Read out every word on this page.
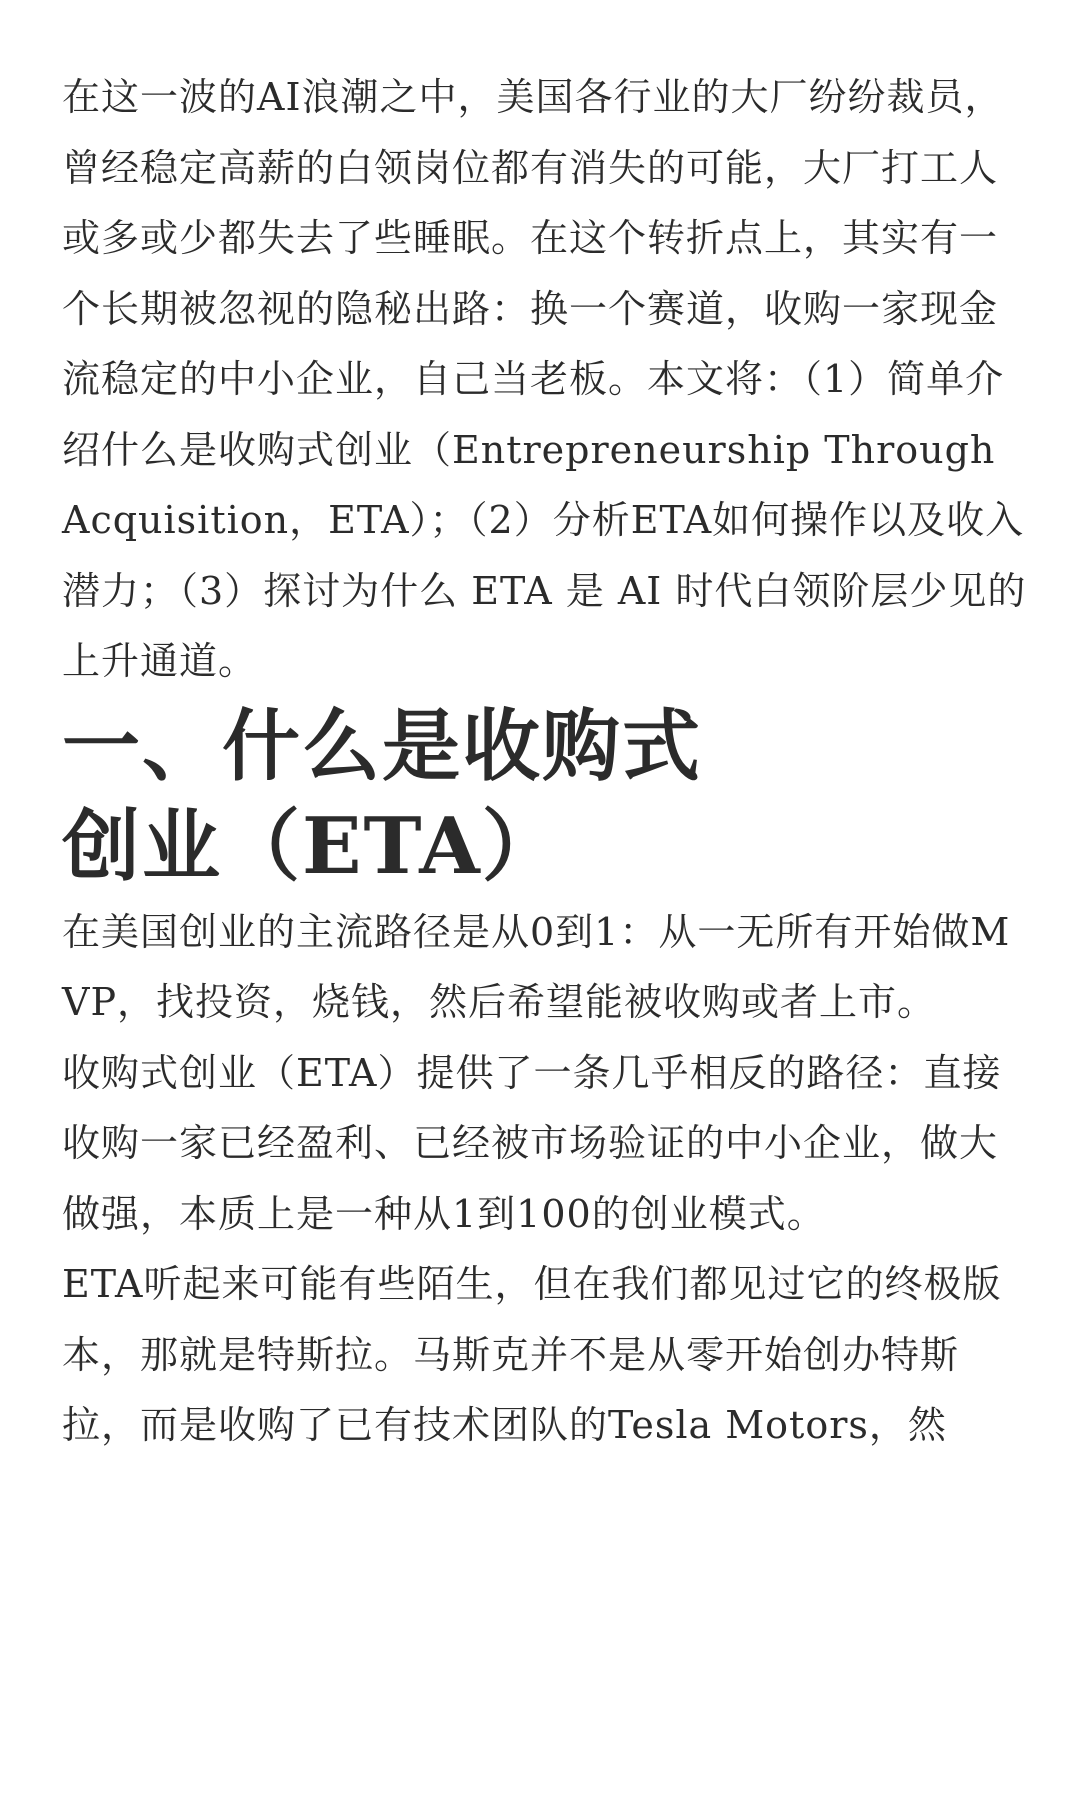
在这一波的AI浪潮之中，美国各行业的大厂纷纷裁员，曾经稳定高薪的白领岗位都有消失的可能，大厂打工人或多或少都失去了些睡眠。在这个转折点上，其实有一个长期被忽视的隐秘出路：换一个赛道，收购一家现金流稳定的中小企业，自己当老板。本文将：（1）简单介绍什么是收购式创业（Entrepreneurship Through Acquisition，ETA）；（2）分析ETA如何操作以及收入潜力；（3）探讨为什么 ETA 是 AI 时代白领阶层少见的上升通道。

一、什么是收购式
创业（ETA）

在美国创业的主流路径是从0到1：从一无所有开始做MVP，找投资，烧钱，然后希望能被收购或者上市。

收购式创业（ETA）提供了一条几乎相反的路径：直接收购一家已经盈利、已经被市场验证的中小企业，做大做强，本质上是一种从1到100的创业模式。

ETA听起来可能有些陌生，但在我们都见过它的终极版本，那就是特斯拉。马斯克并不是从零开始创办特斯拉，而是收购了已有技术团队的Tesla Motors，然
